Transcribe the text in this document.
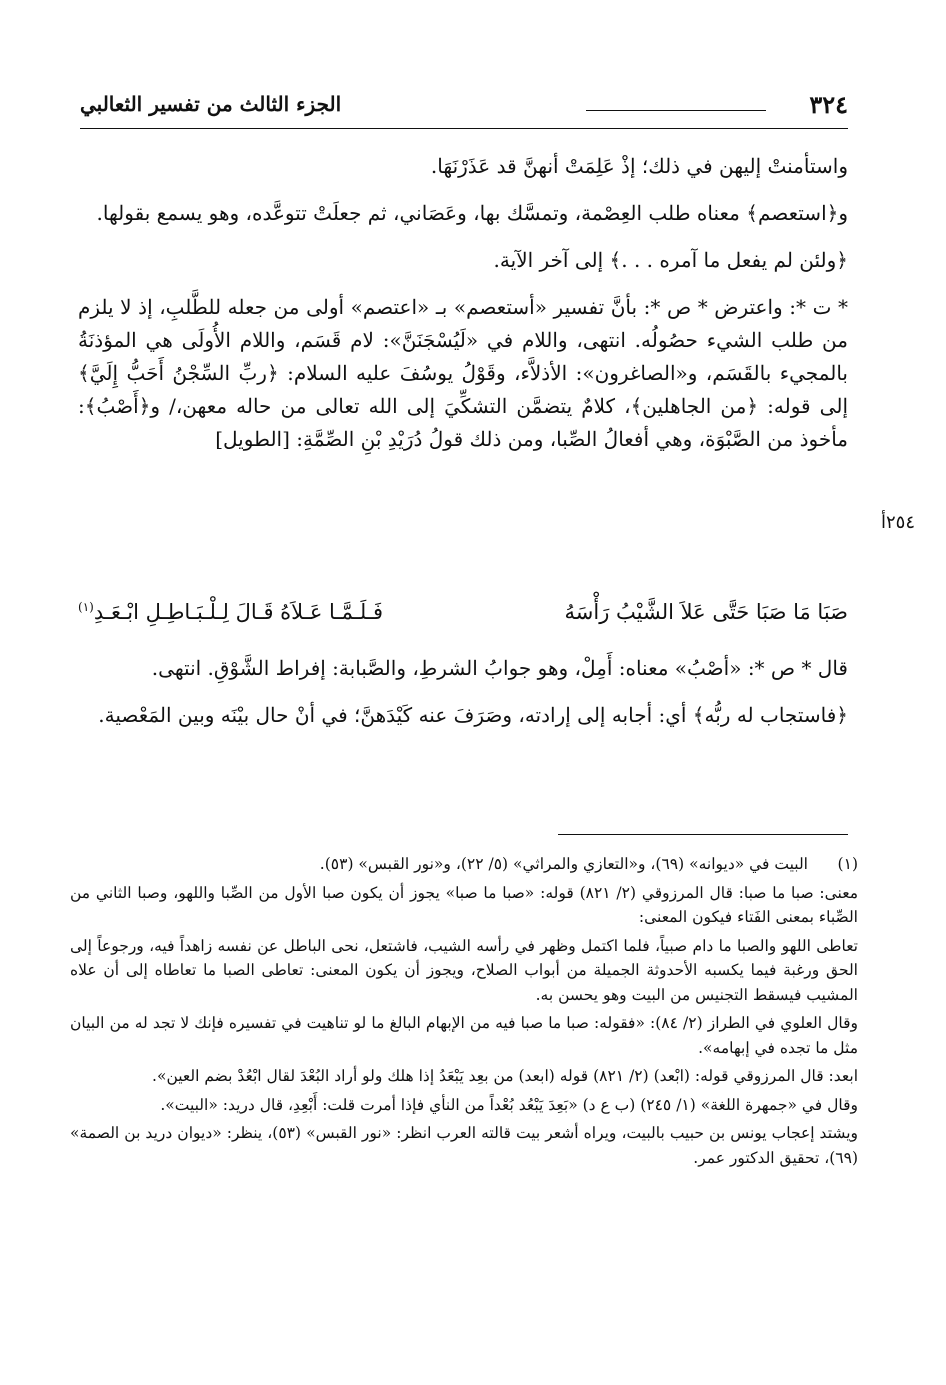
٣٢٤
الجزء الثالث من تفسير الثعالبي

واستأمنتْ إليهن في ذلك؛ إذْ عَلِمَتْ أنهنَّ قد عَذَرْنَهَا.

و﴿استعصم﴾ معناه طلب العِصْمة، وتمسَّك بها، وعَصَاني، ثم جعلَتْ تتوعَّده، وهو يسمع بقولها.

﴿ولئن لم يفعل ما آمره . . .﴾ إلى آخر الآية.

* ت *: واعترض * ص *: بأنَّ تفسير «أستعصم» بـ «اعتصم» أولى من جعله للطَّلبِ، إذ لا يلزم من طلب الشيء حصُولُه. انتهى، واللام في «لَيُسْجَنَنَّ»: لام قَسَم، واللام الأُولَى هي المؤذنَةُ بالمجيء بالقَسَم، و«الصاغرون»: الأذلاَّء، وقَوْلُ يوسُفَ عليه السلام: ﴿ربِّ السِّجْنُ أَحَبُّ إِلَيَّ﴾ إلى قوله: ﴿من الجاهلين﴾، كلامٌ يتضمَّن التشكِّيَ إلى الله تعالى من حاله معهن،/ و﴿أَصْبُ﴾: مأخوذ من الصَّبْوَة، وهي أفعالُ الصِّبا، ومن ذلك قولُ دُرَيْدِ بْنِ الصِّمَّةِ: [الطويل]

٢٥٤أ
صَبَا مَا صَبَا حَتَّى عَلاَ الشَّيْبُ رَأْسَهُ
فَـلَـمَّـا عَـلاَهُ قَـالَ لِـلْـبَـاطِـلِ ابْـعَـدِ$^{(١)}$

قال * ص *: «أصْبُ» معناه: أَمِلْ، وهو جوابُ الشرطِ، والصَّبابة: إفراط الشَّوْقِ. انتهى.

﴿فاستجاب له ربُّه﴾ أي: أجابه إلى إرادته، وصَرَفَ عنه كَيْدَهنَّ؛ في أنْ حال بيْنَه وبين المَعْصية.

(١)
البيت في «ديوانه» (٦٩)، و«التعازي والمراثي» (٥/ ٢٢)، و«نور القبس» (٥٣).

معنى: صبا ما صبا: قال المرزوقي (٢/ ٨٢١) قوله: «صبا ما صبا» يجوز أن يكون صبا الأول من الصِّبا واللهو، وصبا الثاني من الصِّباء بمعنى الفَتاء فيكون المعنى:

تعاطى اللهو والصبا ما دام صبياً، فلما اكتمل وظهر في رأسه الشيب، فاشتعل، نحى الباطل عن نفسه زاهداً فيه، ورجوعاً إلى الحق ورغبة فيما يكسبه الأحدوثة الجميلة من أبواب الصلاح، ويجوز أن يكون المعنى: تعاطى الصبا ما تعاطاه إلى أن علاه المشيب فيسقط التجنيس من البيت وهو يحسن به.

وقال العلوي في الطراز (٢/ ٨٤): «فقوله: صبا ما صبا فيه من الإبهام البالغ ما لو تناهيت في تفسيره فإنك لا تجد له من البيان مثل ما تجده في إبهامه».

ابعد: قال المرزوقي قوله: (ابْعد) (٢/ ٨٢١) قوله (ابعد) من بعِد يَبْعَدُ إذا هلك ولو أراد البُعْدَ لقال ابْعُدْ بضم العين».

وقال في «جمهرة اللغة» (١/ ٢٤٥) (ب ع د) «بَعِدَ يَبْعُد بُعْداً من النأي فإذا أمرت قلت: أَبْعِدِ، قال دريد: «البيت».

ويشتد إعجاب يونس بن حبيب بالبيت، ويراه أشعر بيت قالته العرب انظر: «نور القبس» (٥٣)، ينظر: «ديوان دريد بن الصمة» (٦٩)، تحقيق الدكتور عمر.
